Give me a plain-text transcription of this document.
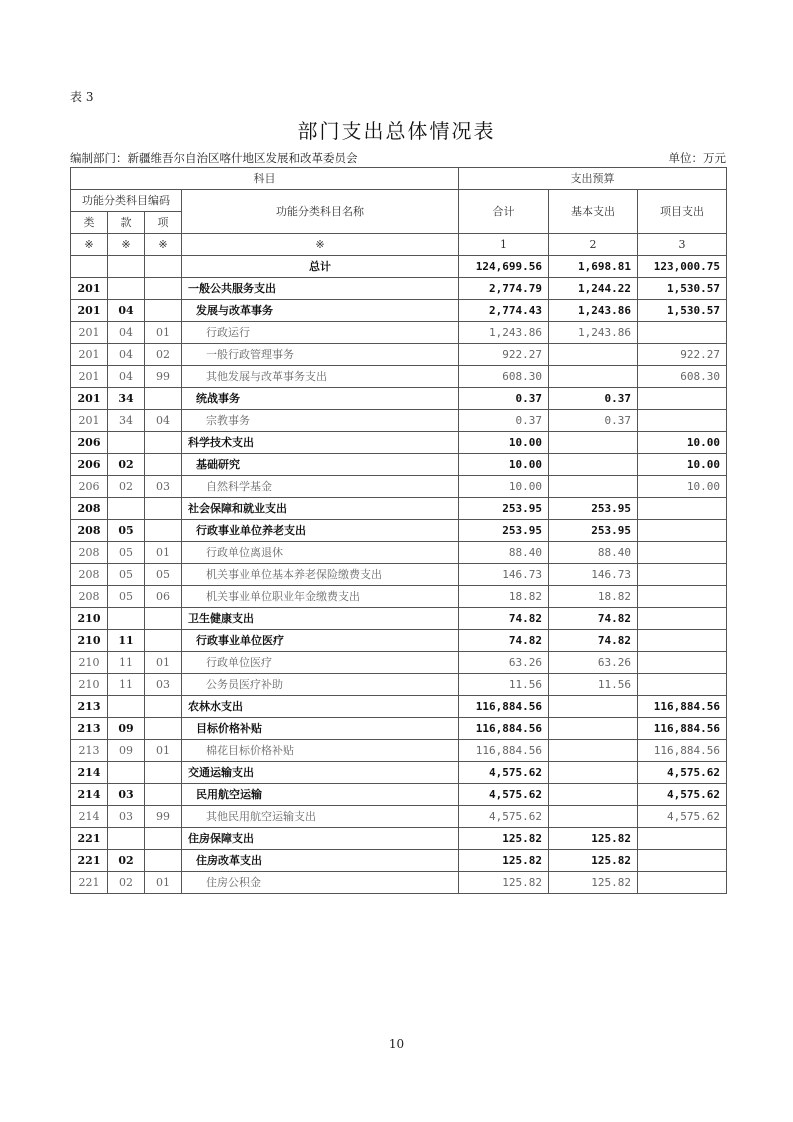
表 3
部门支出总体情况表
编制部门：新疆维吾尔自治区喀什地区发展和改革委员会	单位：万元
科目				支出预算		
功能分类科目编码			功能分类科目名称	合计	基本支出	项目支出
类	款	项				
※	※	※	※	1	2	3
			总计	124,699.56	1,698.81	123,000.75
201			一般公共服务支出	2,774.79	1,244.22	1,530.57
201	04		发展与改革事务	2,774.43	1,243.86	1,530.57
201	04	01	行政运行	1,243.86	1,243.86	
201	04	02	一般行政管理事务	922.27		922.27
201	04	99	其他发展与改革事务支出	608.30		608.30
201	34		统战事务	0.37	0.37	
201	34	04	宗教事务	0.37	0.37	
206			科学技术支出	10.00		10.00
206	02		基础研究	10.00		10.00
206	02	03	自然科学基金	10.00		10.00
208			社会保障和就业支出	253.95	253.95	
208	05		行政事业单位养老支出	253.95	253.95	
208	05	01	行政单位离退休	88.40	88.40	
208	05	05	机关事业单位基本养老保险缴费支出	146.73	146.73	
208	05	06	机关事业单位职业年金缴费支出	18.82	18.82	
210			卫生健康支出	74.82	74.82	
210	11		行政事业单位医疗	74.82	74.82	
210	11	01	行政单位医疗	63.26	63.26	
210	11	03	公务员医疗补助	11.56	11.56	
213			农林水支出	116,884.56		116,884.56
213	09		目标价格补贴	116,884.56		116,884.56
213	09	01	棉花目标价格补贴	116,884.56		116,884.56
214			交通运输支出	4,575.62		4,575.62
214	03		民用航空运输	4,575.62		4,575.62
214	03	99	其他民用航空运输支出	4,575.62		4,575.62
221			住房保障支出	125.82	125.82	
221	02		住房改革支出	125.82	125.82	
221	02	01	住房公积金	125.82	125.82	
10
